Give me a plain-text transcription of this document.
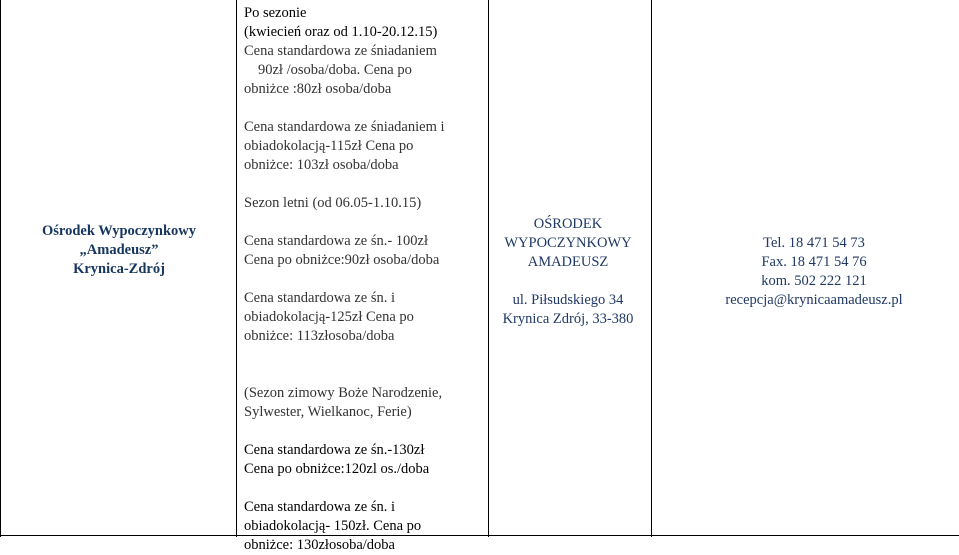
Ośrodek Wypoczynkowy

„Amadeusz”

Krynica-Zdrój

Po sezonie

(kwiecień oraz od 1.10-20.12.15)

Cena standardowa ze śniadaniem

90zł /osoba/doba. Cena po

obniżce :80zł osoba/doba

Cena standardowa ze śniadaniem i

obiadokolacją-115zł Cena po

obniżce: 103zł osoba/doba

Sezon letni (od 06.05-1.10.15)

Cena standardowa ze śn.- 100zł

Cena po obniżce:90zł osoba/doba

Cena standardowa ze śn. i

obiadokolacją-125zł Cena po

obniżce: 113złosoba/doba

(Sezon zimowy Boże Narodzenie,

Sylwester, Wielkanoc, Ferie)

Cena standardowa ze śn.-130zł

Cena po obniżce:120zl os./doba

Cena standardowa ze śn. i

obiadokolacją- 150zł. Cena po

obniżce: 130złosoba/doba

OŚRODEK

WYPOCZYNKOWY

AMADEUSZ

ul. Piłsudskiego 34

Krynica Zdrój, 33-380

Tel. 18 471 54 73

Fax. 18 471 54 76

kom. 502 222 121

recepcja@krynicaamadeusz.pl
